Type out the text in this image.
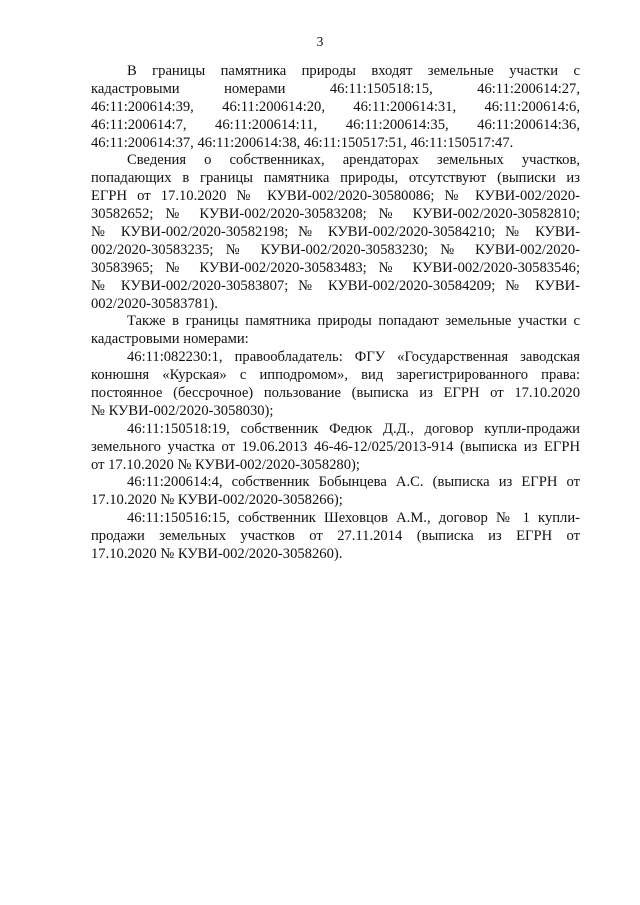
3
В границы памятника природы входят земельные участки с
кадастровыми номерами 46:11:150518:15, 46:11:200614:27,
46:11:200614:39, 46:11:200614:20, 46:11:200614:31, 46:11:200614:6,
46:11:200614:7, 46:11:200614:11, 46:11:200614:35, 46:11:200614:36,
46:11:200614:37, 46:11:200614:38, 46:11:150517:51, 46:11:150517:47.
Сведения о собственниках, арендаторах земельных участков,
попадающих в границы памятника природы, отсутствуют (выписки из
ЕГРН от 17.10.2020 № КУВИ-002/2020-30580086; № КУВИ-002/2020-
30582652; № КУВИ-002/2020-30583208; № КУВИ-002/2020-30582810;
№ КУВИ-002/2020-30582198; № КУВИ-002/2020-30584210; № КУВИ-
002/2020-30583235; № КУВИ-002/2020-30583230; № КУВИ-002/2020-
30583965; № КУВИ-002/2020-30583483; № КУВИ-002/2020-30583546;
№ КУВИ-002/2020-30583807; № КУВИ-002/2020-30584209; № КУВИ-
002/2020-30583781).
Также в границы памятника природы попадают земельные участки с
кадастровыми номерами:
46:11:082230:1, правообладатель: ФГУ «Государственная заводская
конюшня «Курская» с ипподромом», вид зарегистрированного права:
постоянное (бессрочное) пользование (выписка из ЕГРН от 17.10.2020
№ КУВИ-002/2020-3058030);
46:11:150518:19, собственник Федюк Д.Д., договор купли-продажи
земельного участка от 19.06.2013 46-46-12/025/2013-914 (выписка из ЕГРН
от 17.10.2020 № КУВИ-002/2020-3058280);
46:11:200614:4, собственник Бобынцева А.С. (выписка из ЕГРН от
17.10.2020 № КУВИ-002/2020-3058266);
46:11:150516:15, собственник Шеховцов А.М., договор № 1 купли-
продажи земельных участков от 27.11.2014 (выписка из ЕГРН от
17.10.2020 № КУВИ-002/2020-3058260).
